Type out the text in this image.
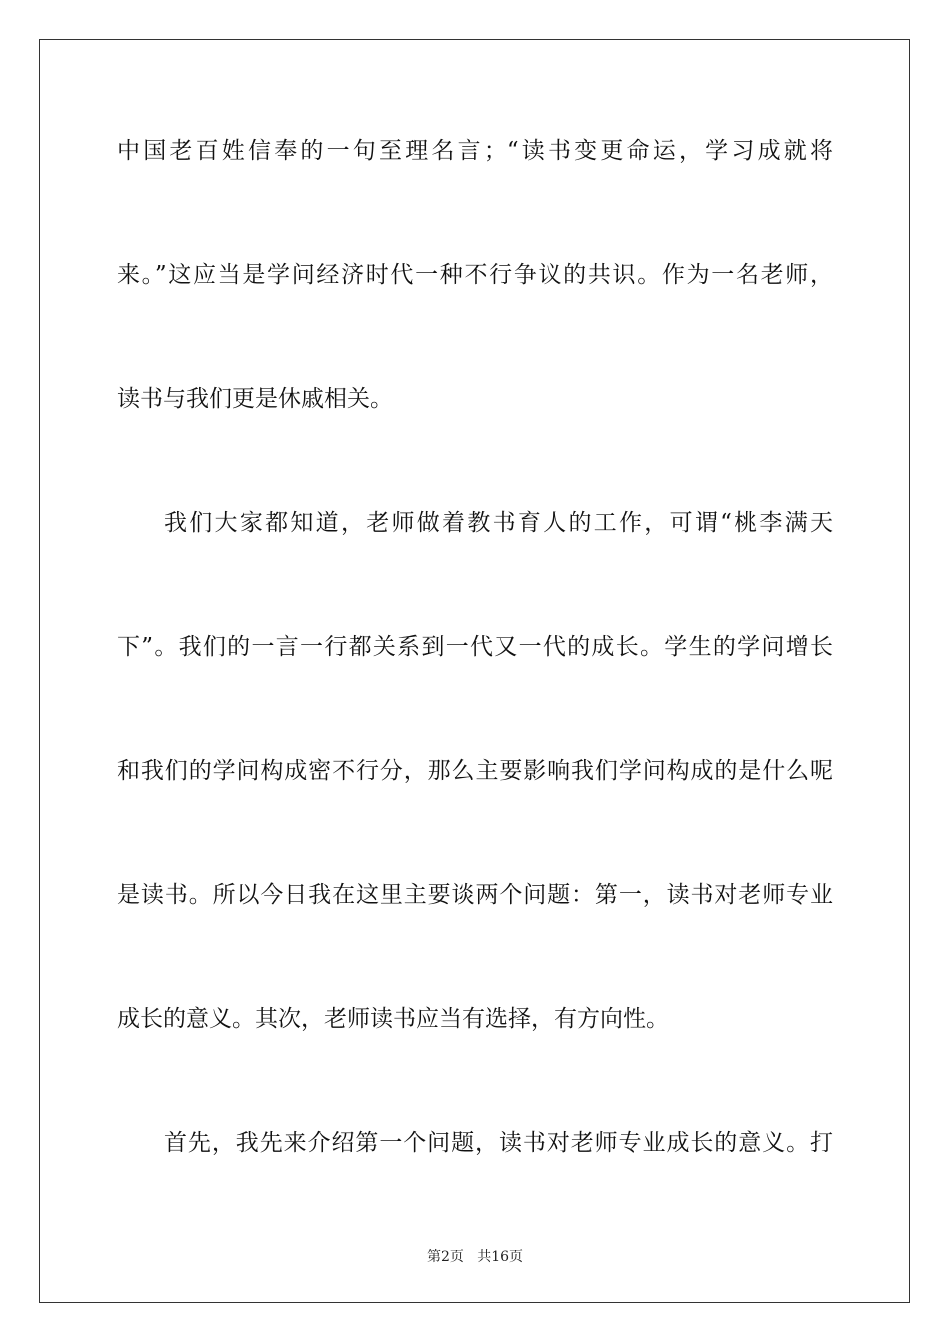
中国老百姓信奉的一句至理名言；“读书变更命运，学习成就将
来。”这应当是学问经济时代一种不行争议的共识。作为一名老师，
读书与我们更是休戚相关。
我们大家都知道，老师做着教书育人的工作，可谓“桃李满天
下”。我们的一言一行都关系到一代又一代的成长。学生的学问增长
和我们的学问构成密不行分，那么主要影响我们学问构成的是什么呢
是读书。所以今日我在这里主要谈两个问题：第一，读书对老师专业
成长的意义。其次，老师读书应当有选择，有方向性。
首先，我先来介绍第一个问题，读书对老师专业成长的意义。打
第2页   共16页
